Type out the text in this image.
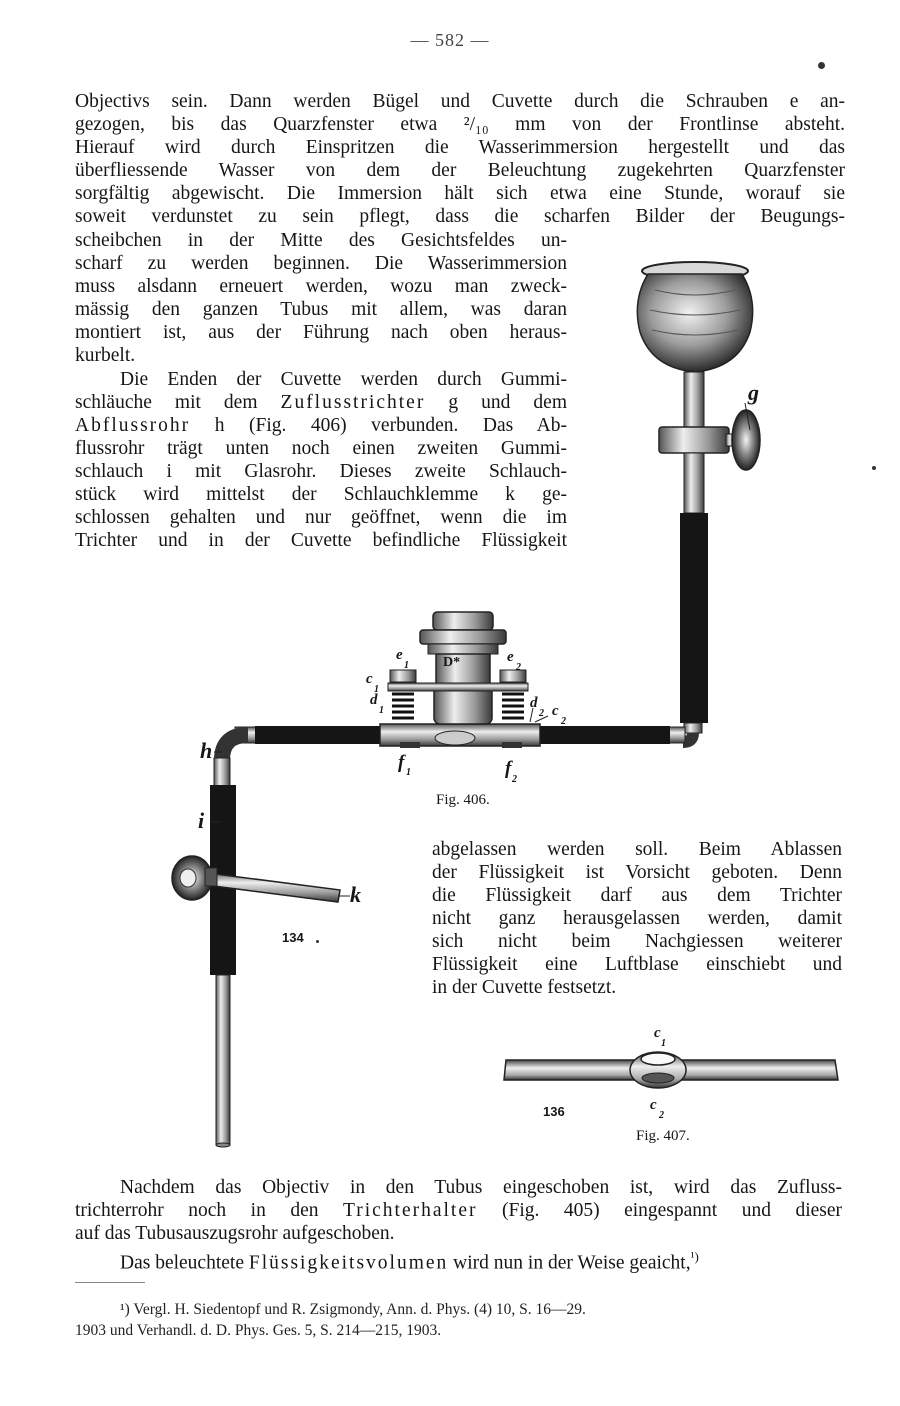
— 582 —
Objectivs sein. Dann werden Bügel und Cuvette durch die Schrauben e an-
gezogen, bis das Quarzfenster etwa ²/₁₀ mm von der Frontlinse absteht.
Hierauf wird durch Einspritzen die Wasserimmersion hergestellt und das
überfliessende Wasser von dem der Beleuchtung zugekehrten Quarzfenster
sorgfältig abgewischt. Die Immersion hält sich etwa eine Stunde, worauf sie
soweit verdunstet zu sein pflegt, dass die scharfen Bilder der Beugungs-
scheibchen in der Mitte des Gesichtsfeldes un-
scharf zu werden beginnen. Die Wasserimmersion
muss alsdann erneuert werden, wozu man zweck-
mässig den ganzen Tubus mit allem, was daran
montiert ist, aus der Führung nach oben heraus-
kurbelt.
Die Enden der Cuvette werden durch Gummi-
schläuche mit dem Zuflusstrichter g und dem
Abflussrohr h (Fig. 406) verbunden. Das Ab-
flussrohr trägt unten noch einen zweiten Gummi-
schlauch i mit Glasrohr. Dieses zweite Schlauch-
stück wird mittelst der Schlauchklemme k ge-
schlossen gehalten und nur geöffnet, wenn die im
Trichter und in der Cuvette befindliche Flüssigkeit
g
h
i
k
D*
e
1
e
2
c
1
d
1	d
2 c
2
f 1	f
2
Fig. 406.
134
abgelassen werden soll. Beim Ablassen
der Flüssigkeit ist Vorsicht geboten. Denn
die Flüssigkeit darf aus dem Trichter
nicht ganz herausgelassen werden, damit
sich nicht beim Nachgiessen weiterer
Flüssigkeit eine Luftblase einschiebt und
in der Cuvette festsetzt.
c
1
c
2
136
Fig. 407.
Nachdem das Objectiv in den Tubus eingeschoben ist, wird das Zufluss-
trichterrohr noch in den Trichterhalter (Fig. 405) eingespannt und dieser
auf das Tubusauszugsrohr aufgeschoben.
Das beleuchtete Flüssigkeitsvolumen wird nun in der Weise geaicht,$^{^1)}$
¹) Vergl. H. Siedentopf und R. Zsigmondy, Ann. d. Phys. (4) 10, S. 16—29.
1903 und Verhandl. d. D. Phys. Ges. 5, S. 214—215, 1903.
